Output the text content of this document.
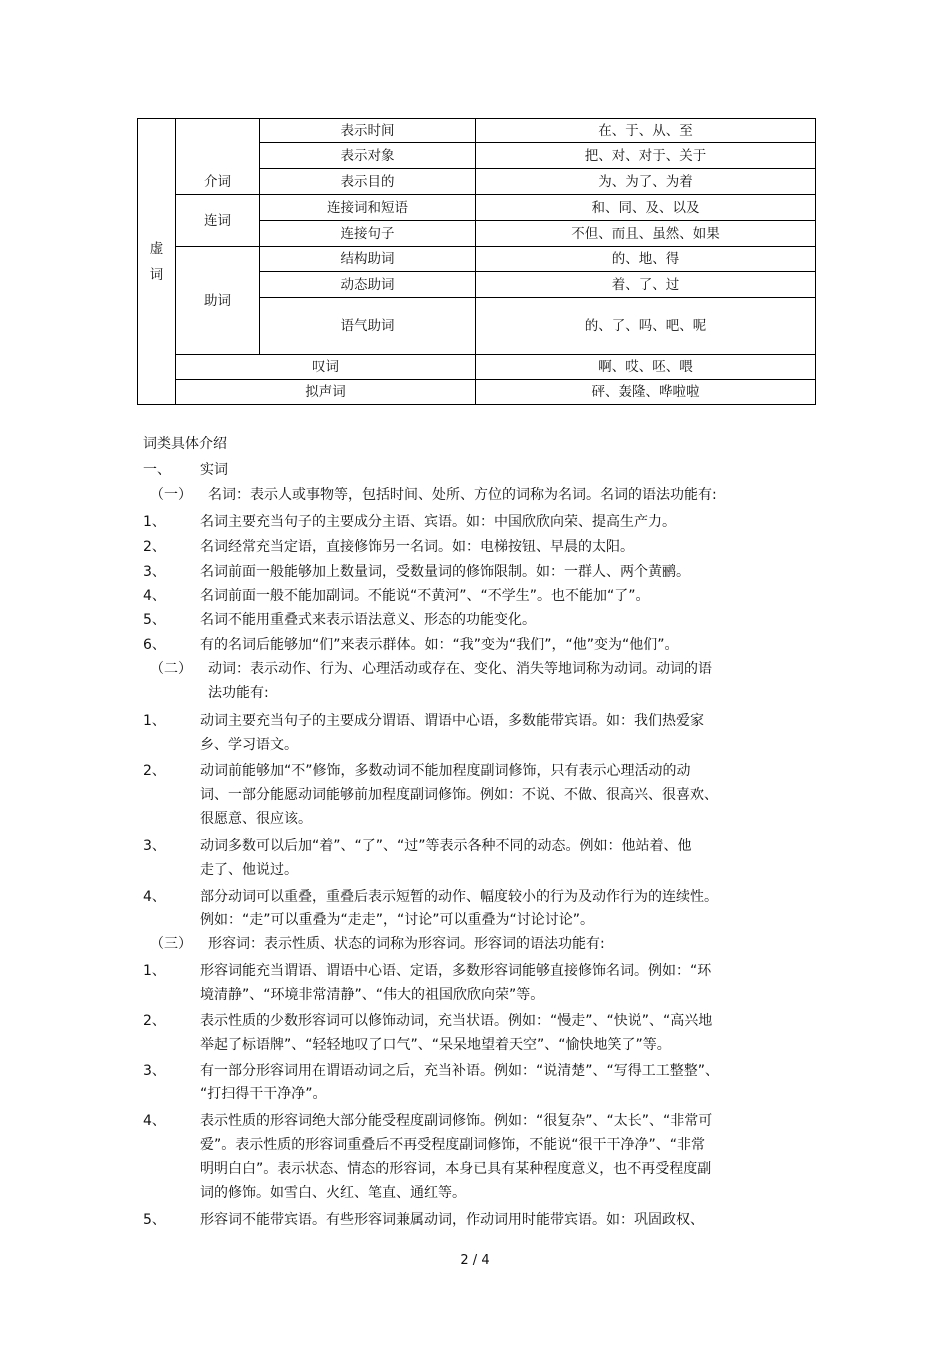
虚词	介词	表示时间	在、于、从、至
		表示对象	把、对、对于、关于
		表示目的	为、为了、为着
	连词	连接词和短语	和、同、及、以及
		连接句子	不但、而且、虽然、如果
	助词	结构助词	的、地、得
		动态助词	着、了、过
		语气助词	的、了、吗、吧、呢
	叹词		啊、哎、呸、喂
	拟声词		砰、轰隆、哗啦啦
词类具体介绍
一、 实词
（一） 名词：表示人或事物等，包括时间、处所、方位的词称为名词。名词的语法功能有:
1、 名词主要充当句子的主要成分主语、宾语。如：中国欣欣向荣、提高生产力。
2、 名词经常充当定语，直接修饰另一名词。如：电梯按钮、早晨的太阳。
3、 名词前面一般能够加上数量词，受数量词的修饰限制。如：一群人、两个黄鹂。
4、 名词前面一般不能加副词。不能说“不黄河”、“不学生”。也不能加“了”。
5、 名词不能用重叠式来表示语法意义、形态的功能变化。
6、 有的名词后能够加“们”来表示群体。如：“我”变为“我们”，“他”变为“他们”。
（二） 动词：表示动作、行为、心理活动或存在、变化、消失等地词称为动词。动词的语
法功能有:
1、 动词主要充当句子的主要成分谓语、谓语中心语，多数能带宾语。如：我们热爱家
乡、学习语文。
2、 动词前能够加“不”修饰，多数动词不能加程度副词修饰，只有表示心理活动的动
词、一部分能愿动词能够前加程度副词修饰。例如：不说、不做、很高兴、很喜欢、
很愿意、很应该。
3、 动词多数可以后加“着”、“了”、“过”等表示各种不同的动态。例如：他站着、他
走了、他说过。
4、 部分动词可以重叠，重叠后表示短暂的动作、幅度较小的行为及动作行为的连续性。
例如：“走”可以重叠为“走走”，“讨论”可以重叠为“讨论讨论”。
（三） 形容词：表示性质、状态的词称为形容词。形容词的语法功能有:
1、 形容词能充当谓语、谓语中心语、定语，多数形容词能够直接修饰名词。例如：“环
境清静”、“环境非常清静”、“伟大的祖国欣欣向荣”等。
2、 表示性质的少数形容词可以修饰动词，充当状语。例如：“慢走”、“快说”、“高兴地
举起了标语牌”、“轻轻地叹了口气”、“呆呆地望着天空”、“愉快地笑了”等。
3、 有一部分形容词用在谓语动词之后，充当补语。例如：“说清楚”、“写得工工整整”、
“打扫得干干净净”。
4、 表示性质的形容词绝大部分能受程度副词修饰。例如：“很复杂”、“太长”、“非常可
爱”。表示性质的形容词重叠后不再受程度副词修饰，不能说“很干干净净”、“非常
明明白白”。表示状态、情态的形容词，本身已具有某种程度意义，也不再受程度副
词的修饰。如雪白、火红、笔直、通红等。
5、 形容词不能带宾语。有些形容词兼属动词，作动词用时能带宾语。如：巩固政权、
2 / 4
